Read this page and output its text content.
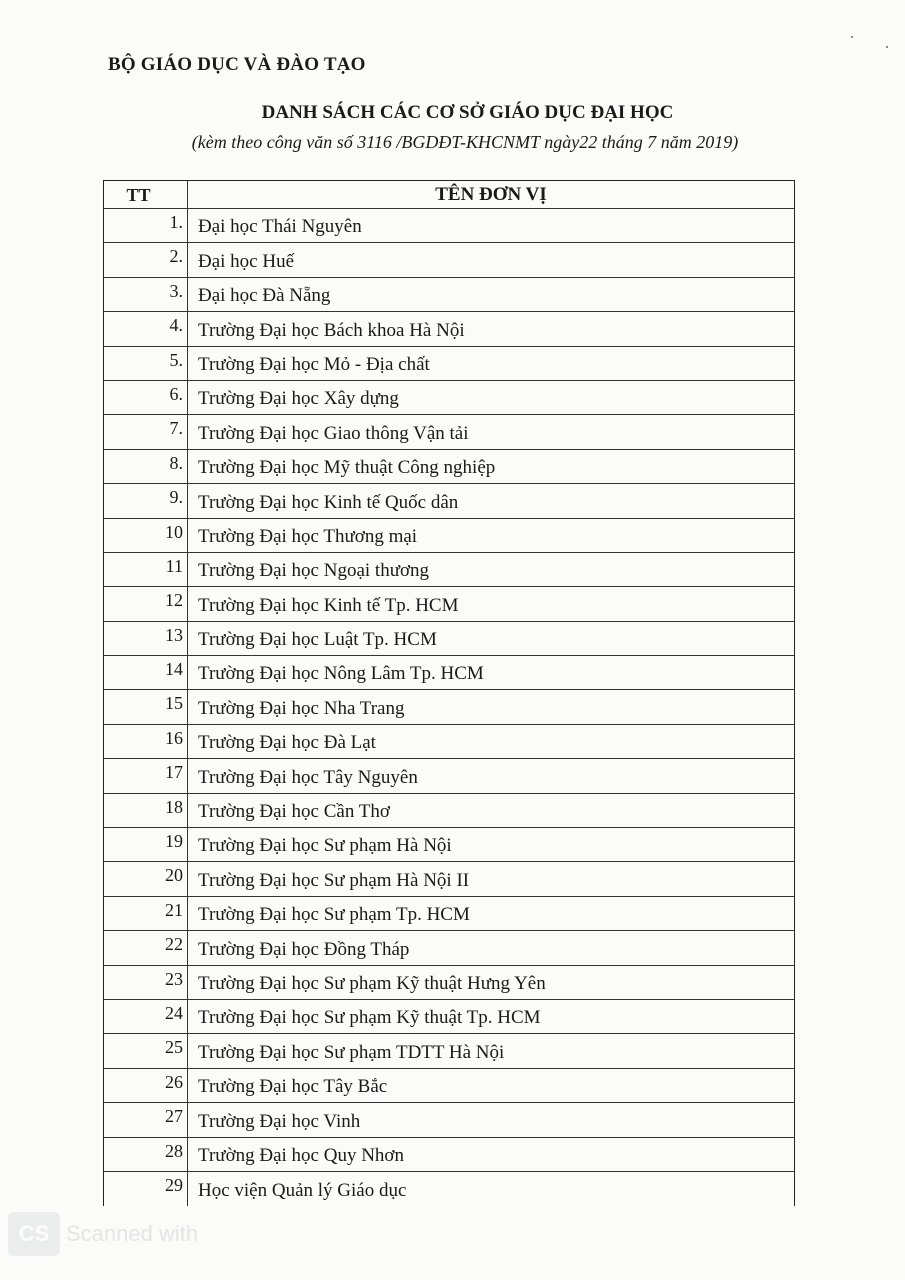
BỘ GIÁO DỤC VÀ ĐÀO TẠO
DANH SÁCH CÁC CƠ SỞ GIÁO DỤC ĐẠI HỌC
(kèm theo công văn số 3116 /BGDĐT-KHCNMT ngày22 tháng 7 năm 2019)
TT	TÊN ĐƠN VỊ
1. Đại học Thái Nguyên
2. Đại học Huế
3. Đại học Đà Nẵng
4. Trường Đại học Bách khoa Hà Nội
5. Trường Đại học Mỏ - Địa chất
6. Trường Đại học Xây dựng
7. Trường Đại học Giao thông Vận tải
8. Trường Đại học Mỹ thuật Công nghiệp
9. Trường Đại học Kinh tế Quốc dân
10 Trường Đại học Thương mại
11 Trường Đại học Ngoại thương
12 Trường Đại học Kinh tế Tp. HCM
13 Trường Đại học Luật Tp. HCM
14 Trường Đại học Nông Lâm Tp. HCM
15 Trường Đại học Nha Trang
16 Trường Đại học Đà Lạt
17 Trường Đại học Tây Nguyên
18 Trường Đại học Cần Thơ
19 Trường Đại học Sư phạm Hà Nội
20 Trường Đại học Sư phạm Hà Nội II
21 Trường Đại học Sư phạm Tp. HCM
22 Trường Đại học Đồng Tháp
23 Trường Đại học Sư phạm Kỹ thuật Hưng Yên
24 Trường Đại học Sư phạm Kỹ thuật Tp. HCM
25 Trường Đại học Sư phạm TDTT Hà Nội
26 Trường Đại học Tây Bắc
27 Trường Đại học Vinh
28 Trường Đại học Quy Nhơn
29 Học viện Quản lý Giáo dục
CS Scanned with
